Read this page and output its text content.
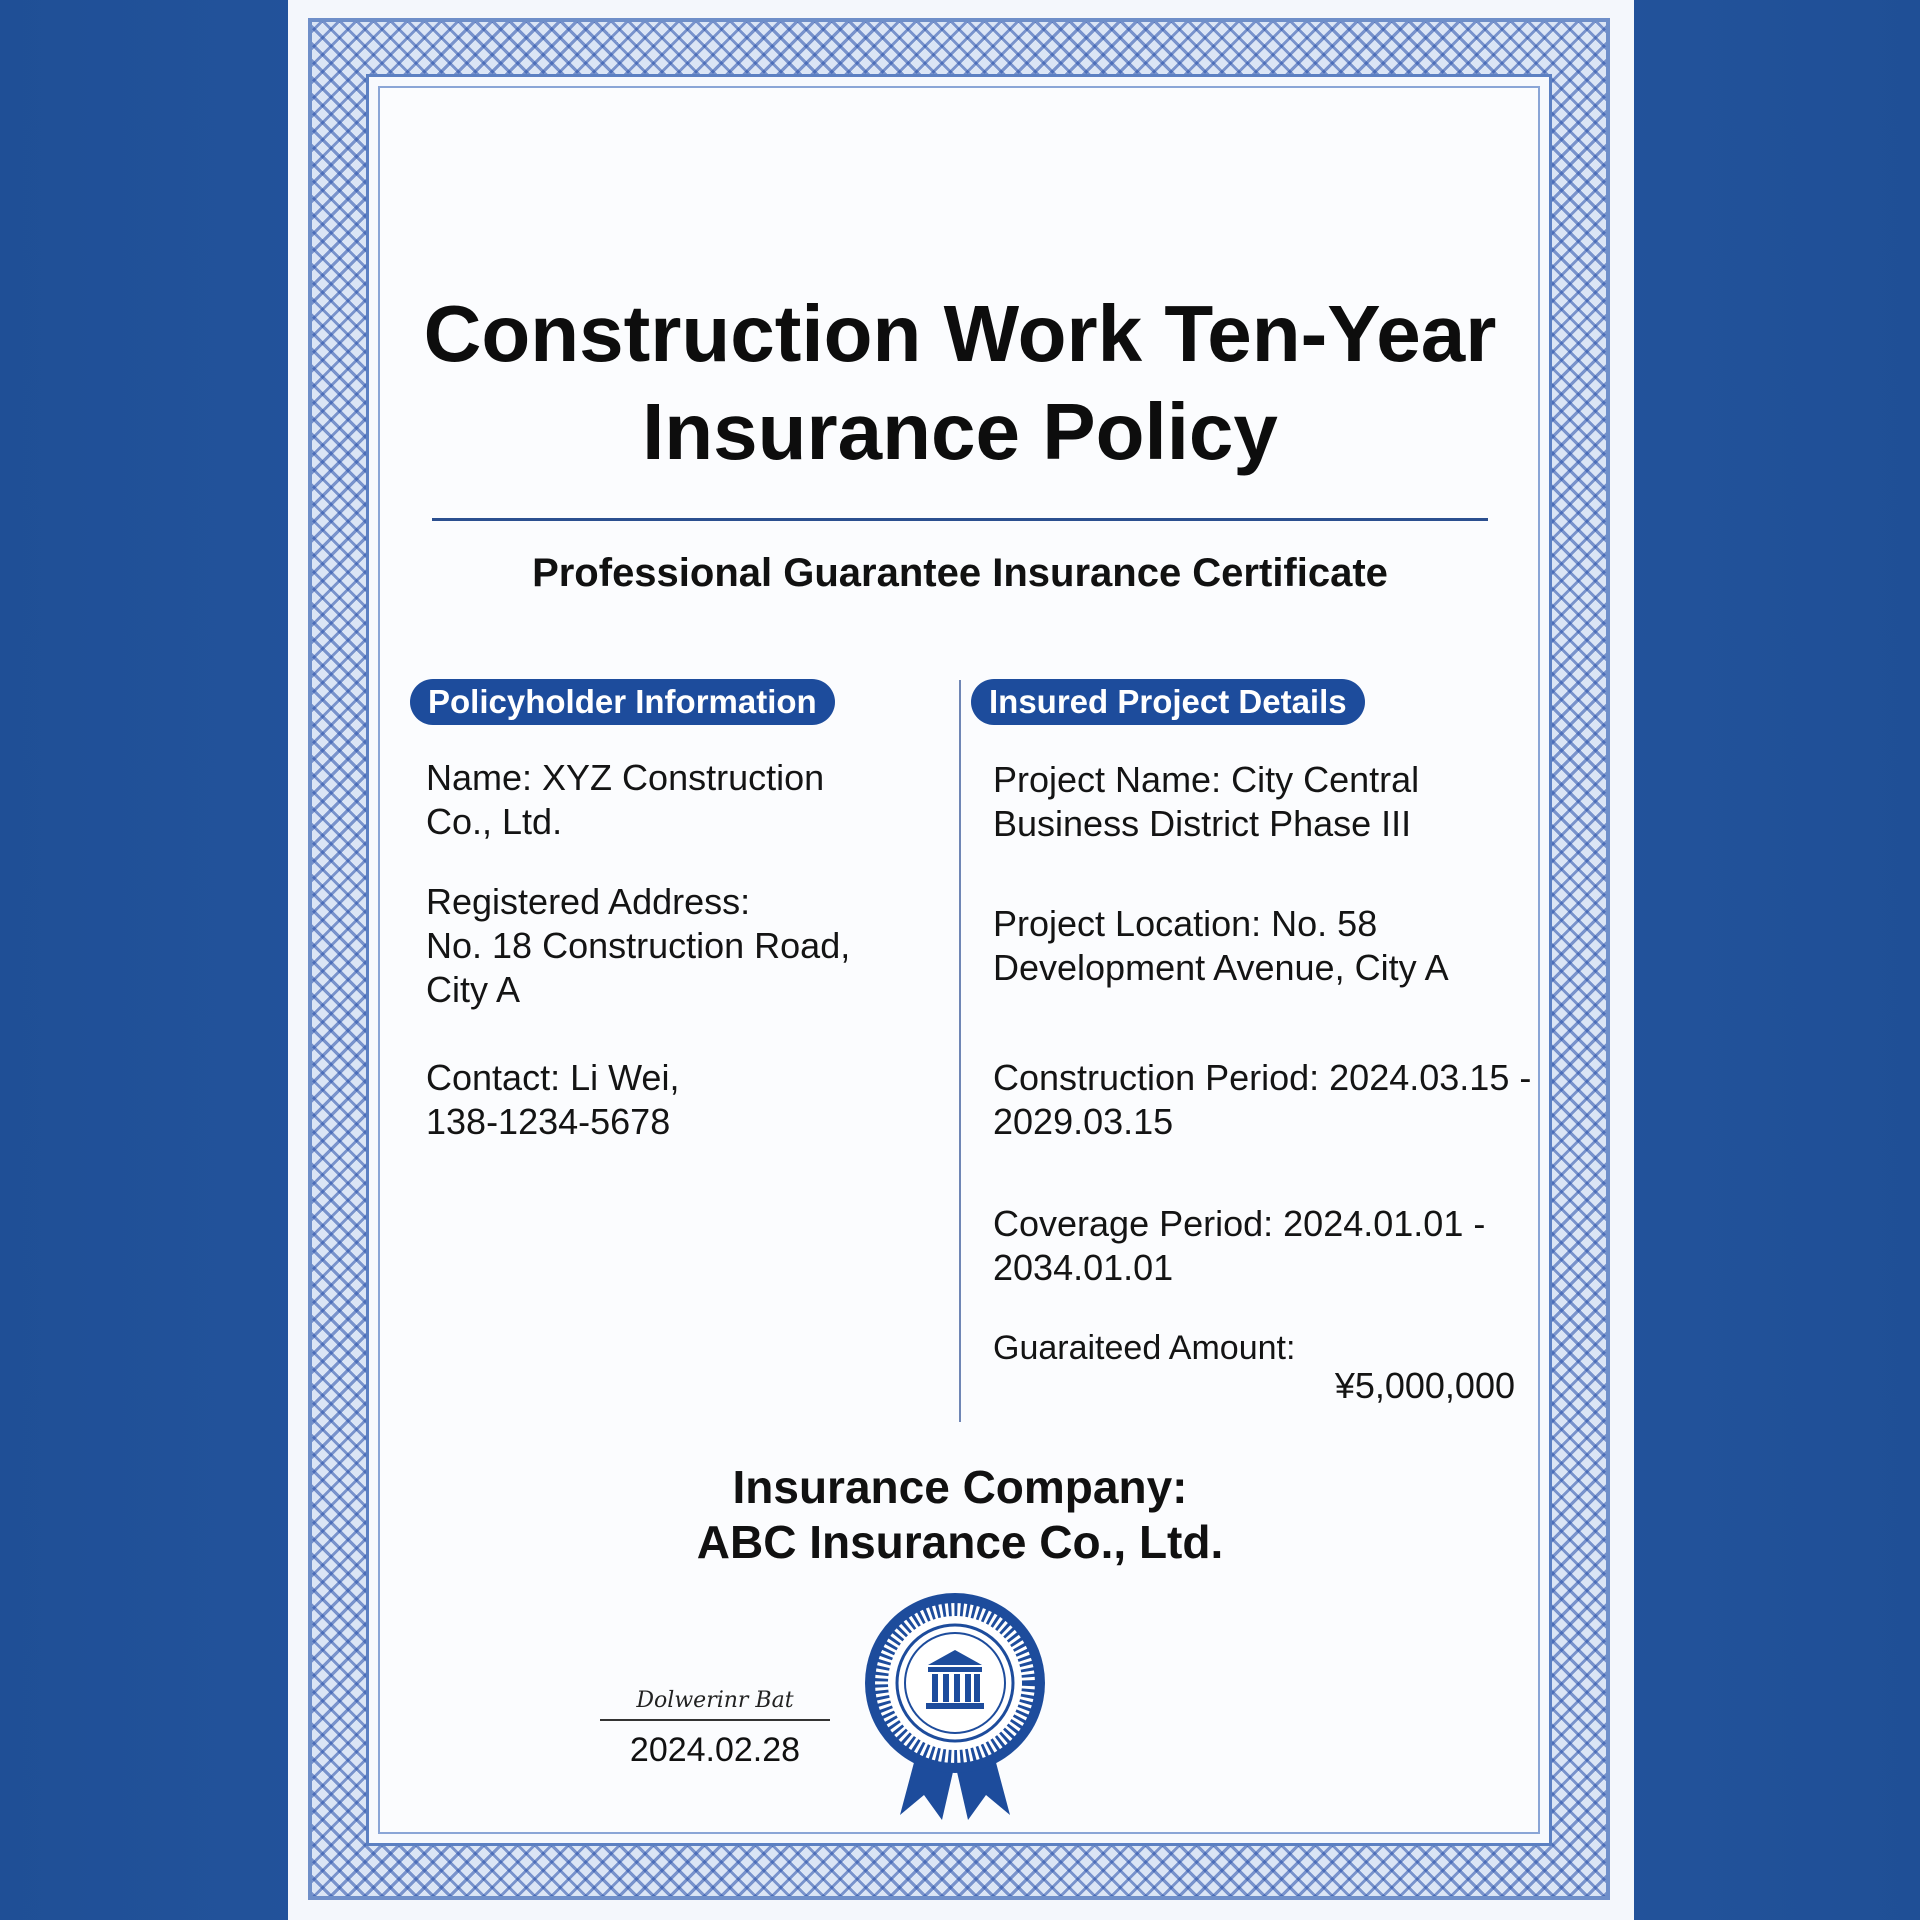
Construction Work Ten-Year Insurance Policy
Professional Guarantee Insurance Certificate
Policyholder Information	Insured Project Details

Name: XYZ Construction
Co., Ltd.

Registered Address:
No. 18 Construction Road,
City A

Contact: Li Wei,
138-1234-5678

Project Name: City Central
Business District Phase III

Project Location: No. 58
Development Avenue, City A

Construction Period: 2024.03.15 -
2029.03.15

Coverage Period: 2024.01.01 -
2034.01.01

Guaraiteed Amount:

¥5,000,000

Insurance Company:
ABC Insurance Co., Ltd.
Dolwerinr Bat
2024.02.28
